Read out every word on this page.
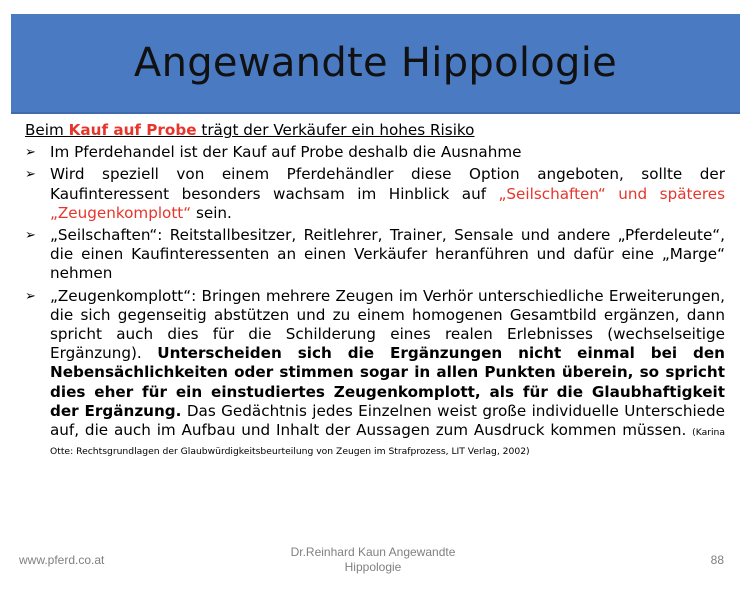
Angewandte Hippologie
Beim Kauf auf Probe trägt der Verkäufer ein hohes Risiko
➢ Im Pferdehandel ist der Kauf auf Probe deshalb die Ausnahme
➢ Wird speziell von einem Pferdehändler diese Option angeboten, sollte der Kaufinteressent besonders wachsam im Hinblick auf „Seilschaften“ und späteres „Zeugenkomplott“ sein.
➢ „Seilschaften“: Reitstallbesitzer, Reitlehrer, Trainer, Sensale und andere „Pferdeleute“, die einen Kaufinteressenten an einen Verkäufer heranführen und dafür eine „Marge“ nehmen
➢ „Zeugenkomplott“: Bringen mehrere Zeugen im Verhör unterschiedliche Erweiterungen, die sich gegenseitig abstützen und zu einem homogenen Gesamtbild ergänzen, dann spricht auch dies für die Schilderung eines realen Erlebnisses (wechselseitige Ergänzung). Unterscheiden sich die Ergänzungen nicht einmal bei den Nebensächlichkeiten oder stimmen sogar in allen Punkten überein, so spricht dies eher für ein einstudiertes Zeugenkomplott, als für die Glaubhaftigkeit der Ergänzung. Das Gedächtnis jedes Einzelnen weist große individuelle Unterschiede auf, die auch im Aufbau und Inhalt der Aussagen zum Ausdruck kommen müssen. (Karina Otte: Rechtsgrundlagen der Glaubwürdigkeitsbeurteilung von Zeugen im Strafprozess, LIT Verlag, 2002)
www.pferd.co.at
Dr.Reinhard Kaun Angewandte Hippologie	88
